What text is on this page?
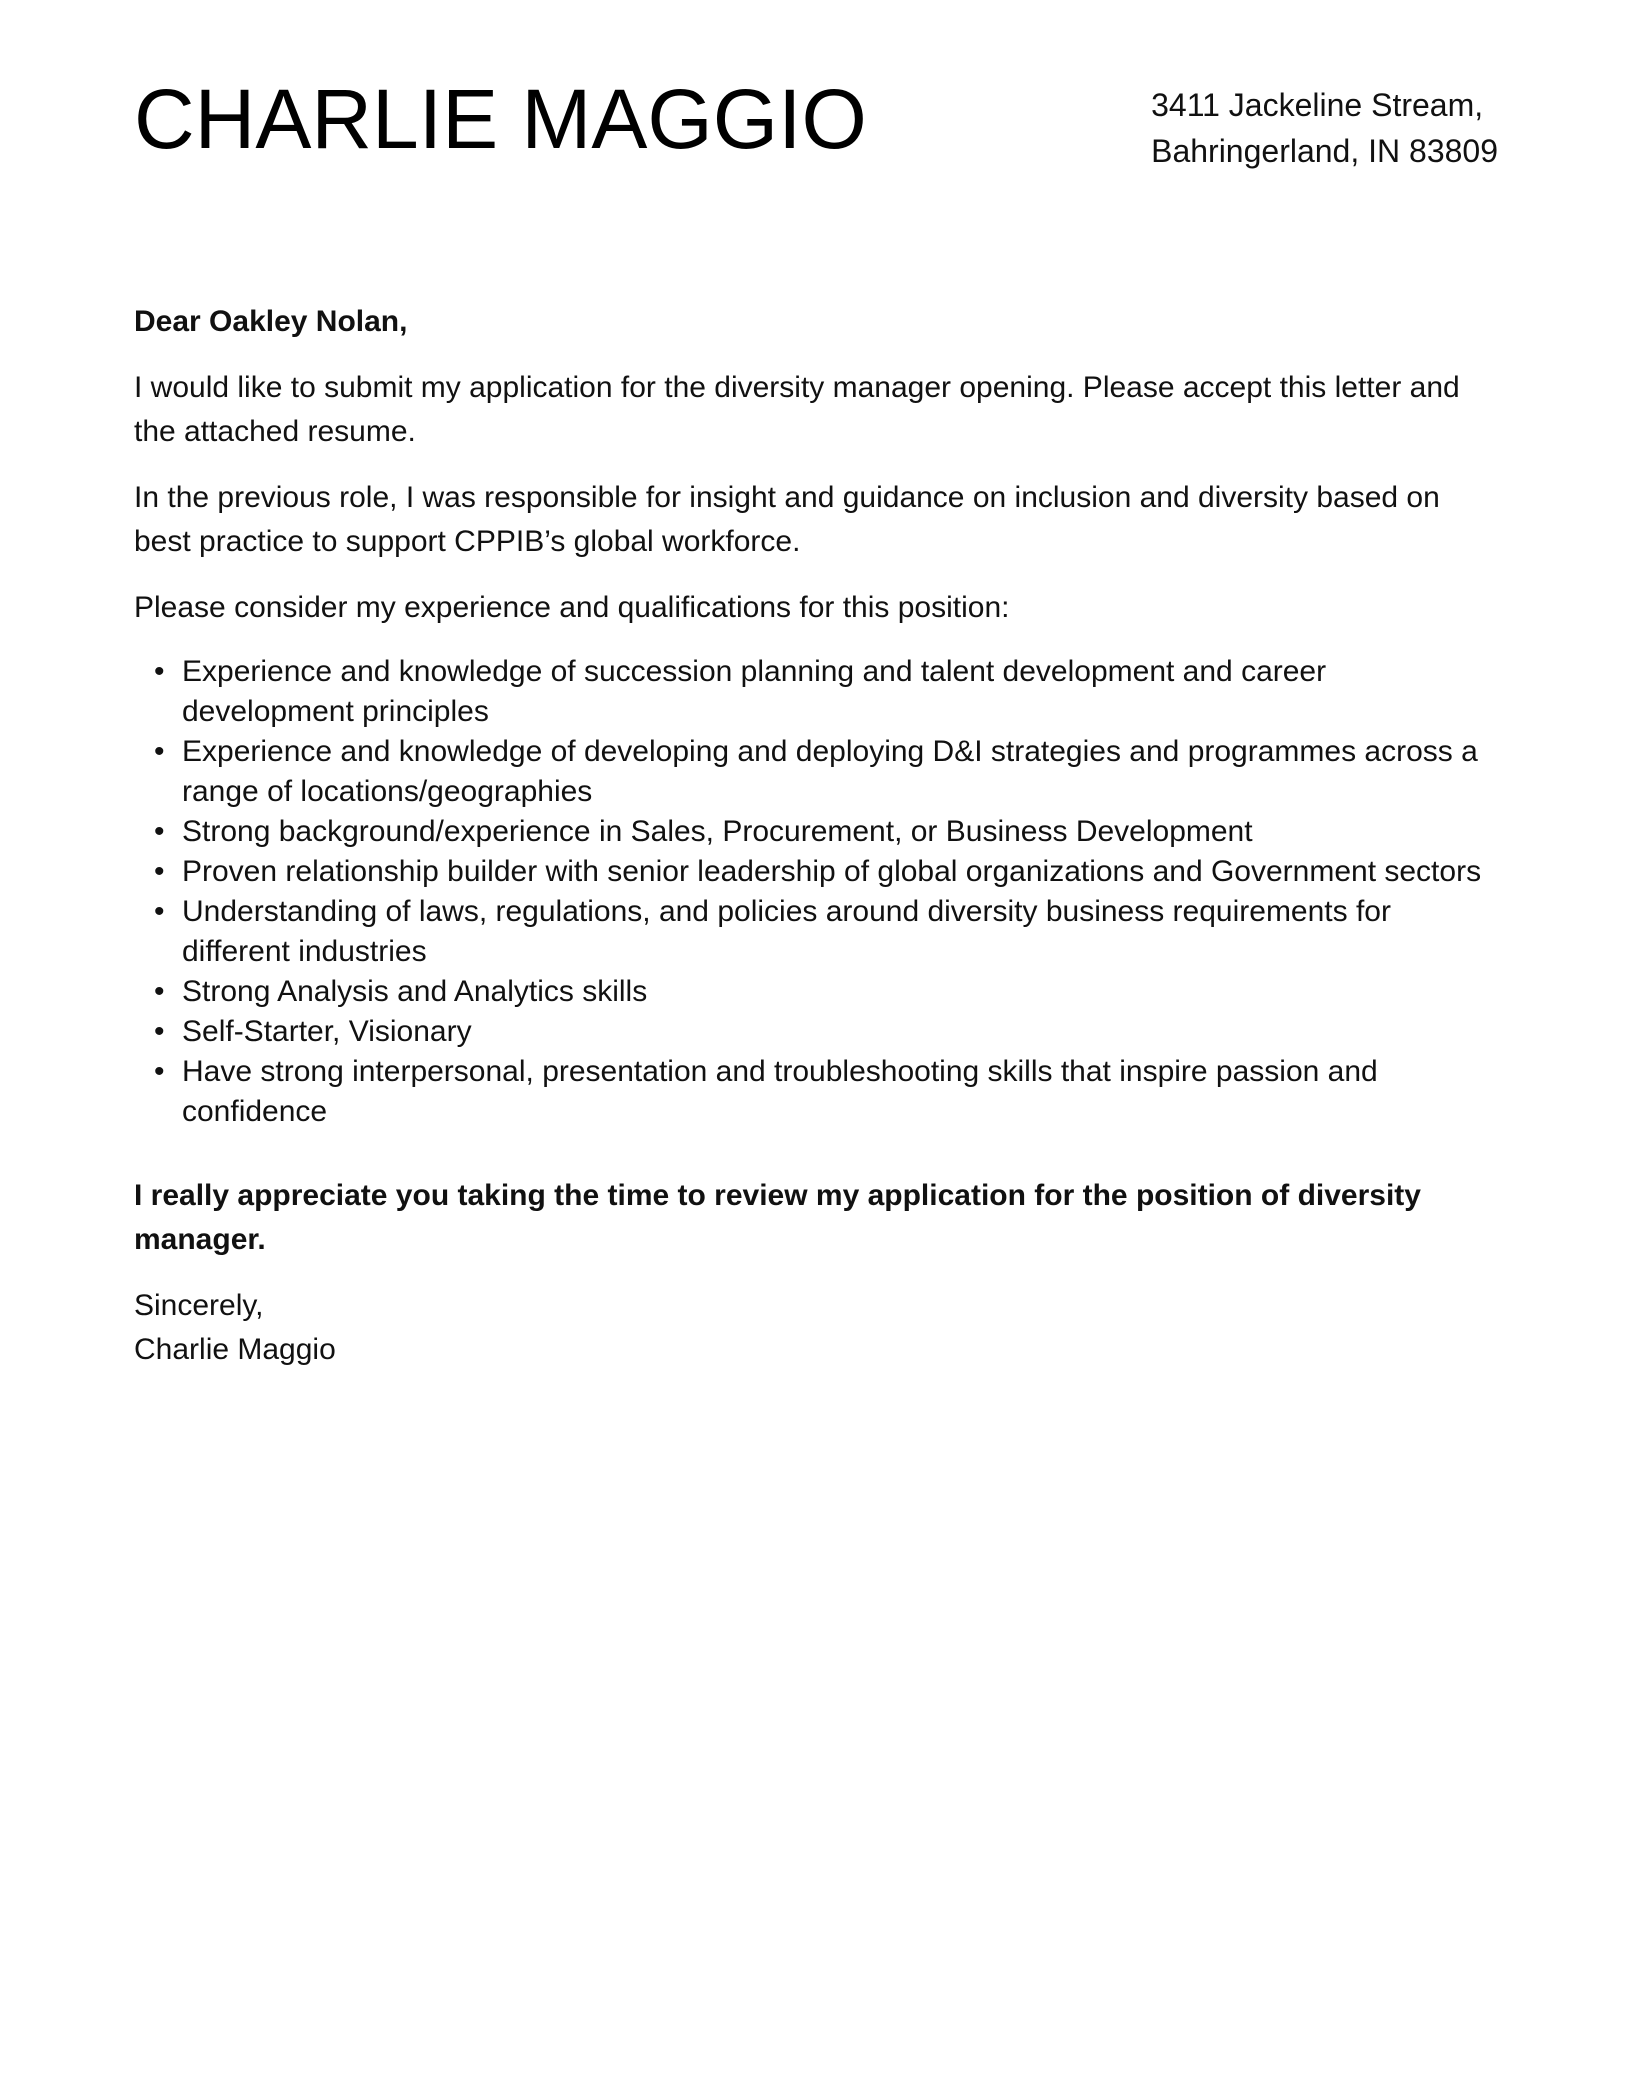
CHARLIE MAGGIO	3411 Jackeline Stream,
Bahringerland, IN 83809

Dear Oakley Nolan,

I would like to submit my application for the diversity manager opening. Please accept this letter and the attached resume.

In the previous role, I was responsible for insight and guidance on inclusion and diversity based on best practice to support CPPIB’s global workforce.

Please consider my experience and qualifications for this position:

• Experience and knowledge of succession planning and talent development and career development principles
• Experience and knowledge of developing and deploying D&I strategies and programmes across a range of locations/geographies
• Strong background/experience in Sales, Procurement, or Business Development
• Proven relationship builder with senior leadership of global organizations and Government sectors
• Understanding of laws, regulations, and policies around diversity business requirements for different industries
• Strong Analysis and Analytics skills
• Self-Starter, Visionary
• Have strong interpersonal, presentation and troubleshooting skills that inspire passion and confidence

I really appreciate you taking the time to review my application for the position of diversity manager.

Sincerely,
Charlie Maggio
